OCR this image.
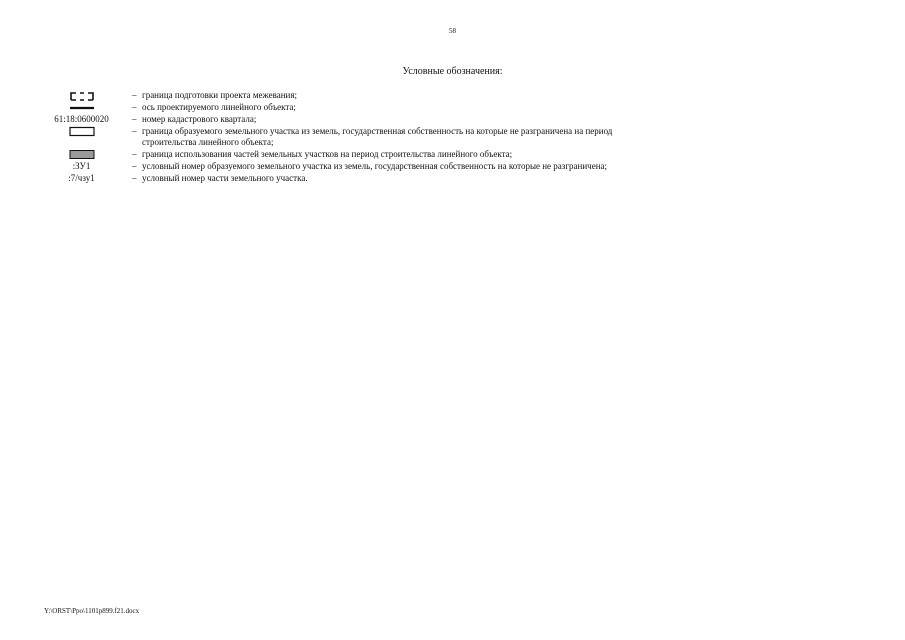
58
Условные обозначения:
– граница подготовки проекта межевания;
– ось проектируемого линейного объекта;
61:18:0600020	– номер кадастрового квартала;
– граница образуемого земельного участка из земель, государственная собственность на которые не разграничена на период
строительства линейного объекта;
– граница использования частей земельных участков на период строительства линейного объекта;
:ЗУ1	– условный номер образуемого земельного участка из земель, государственная собственность на которые не разграничена;
:7/чзу1	– условный номер части земельного участка.
Y:\ORST\Ppo\1101p899.f21.docx
